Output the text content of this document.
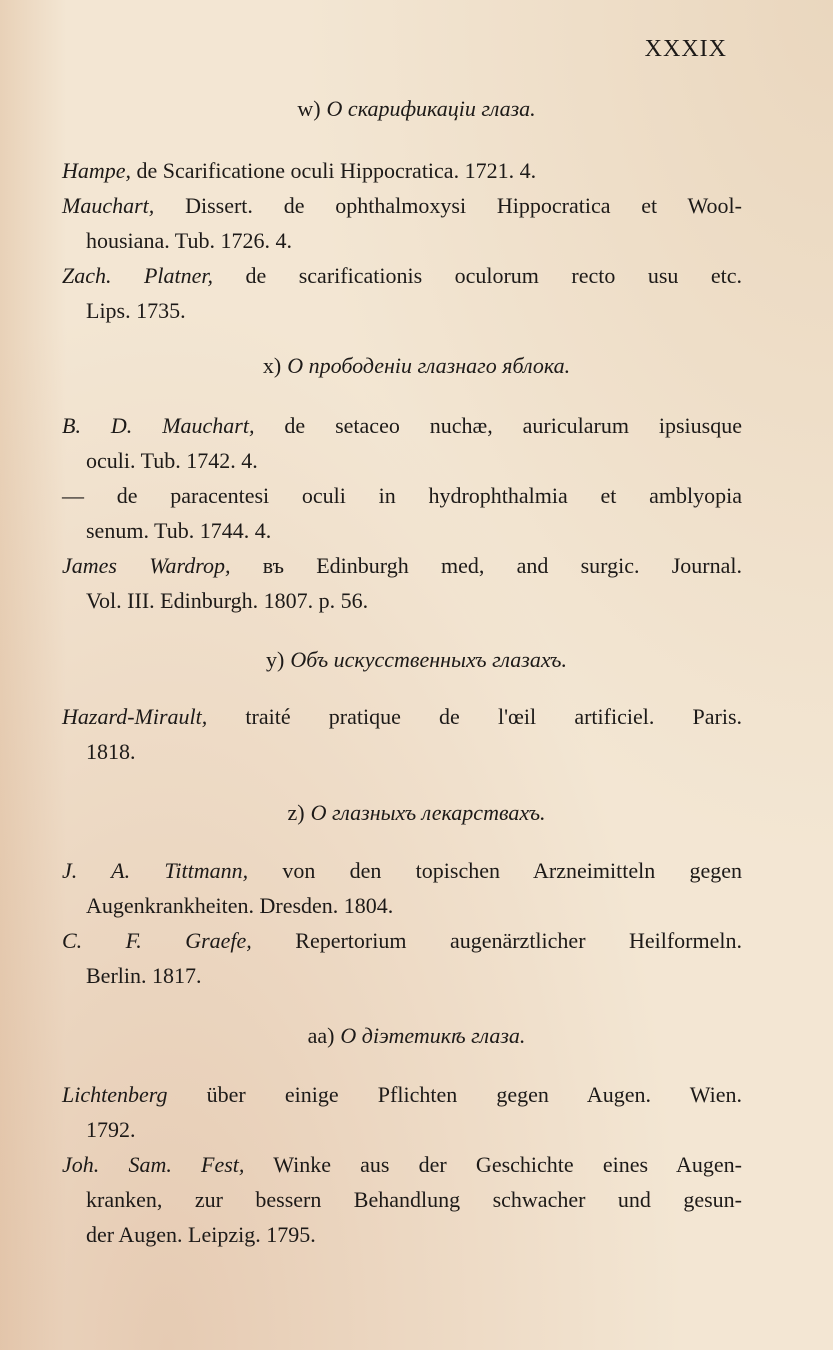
XXXIX
w) О скарификаціи глаза.
Hampe, de Scarificatione oculi Hippocratica. 1721. 4.
Mauchart, Dissert. de ophthalmoxysi Hippocratica et Wool-
housiana. Tub. 1726. 4.
Zach. Platner, de scarificationis oculorum recto usu etc.
Lips. 1735.
x) О прободеніи глазнаго яблока.
B. D. Mauchart, de setaceo nuchæ, auricularum ipsiusque
oculi. Tub. 1742. 4.
— de paracentesi oculi in hydrophthalmia et amblyopia
senum. Tub. 1744. 4.
James Wardrop, въ Edinburgh med, and surgic. Journal.
Vol. III. Edinburgh. 1807. p. 56.
y) Объ искусственныхъ глазахъ.
Hazard-Mirault, traité pratique de l'œil artificiel. Paris.
1818.
z) О глазныхъ лекарствахъ.
J. A. Tittmann, von den topischen Arzneimitteln gegen
Augenkrankheiten. Dresden. 1804.
C. F. Graefe, Repertorium augenärztlicher Heilformeln.
Berlin. 1817.
aa) О діэтетикѣ глаза.
Lichtenberg über einige Pflichten gegen Augen. Wien.
1792.
Joh. Sam. Fest, Winke aus der Geschichte eines Augen-
kranken, zur bessern Behandlung schwacher und gesun-
der Augen. Leipzig. 1795.
